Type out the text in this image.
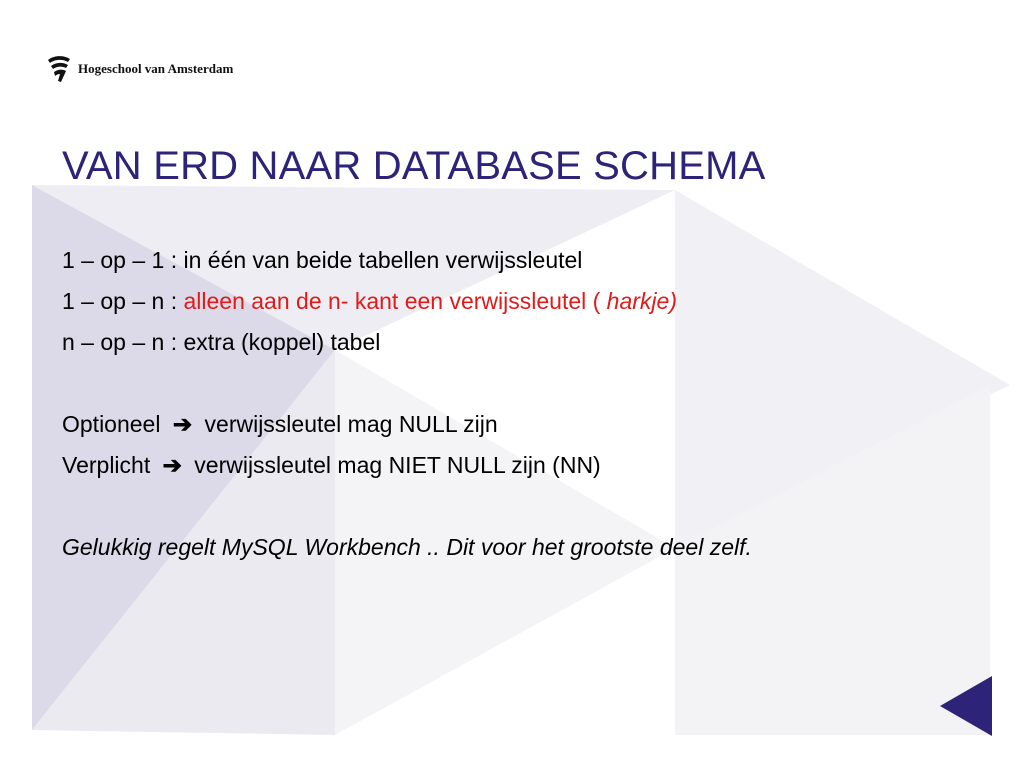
Hogeschool van Amsterdam
VAN ERD NAAR DATABASE SCHEMA
1 – op – 1 : in één van beide tabellen verwijssleutel
1 – op – n : alleen aan de n- kant een verwijssleutel ( harkje)
n – op – n : extra (koppel) tabel
Optioneel ➔ verwijssleutel mag NULL zijn
Verplicht ➔ verwijssleutel mag NIET NULL zijn (NN)
Gelukkig regelt MySQL Workbench .. Dit voor het grootste deel zelf.
